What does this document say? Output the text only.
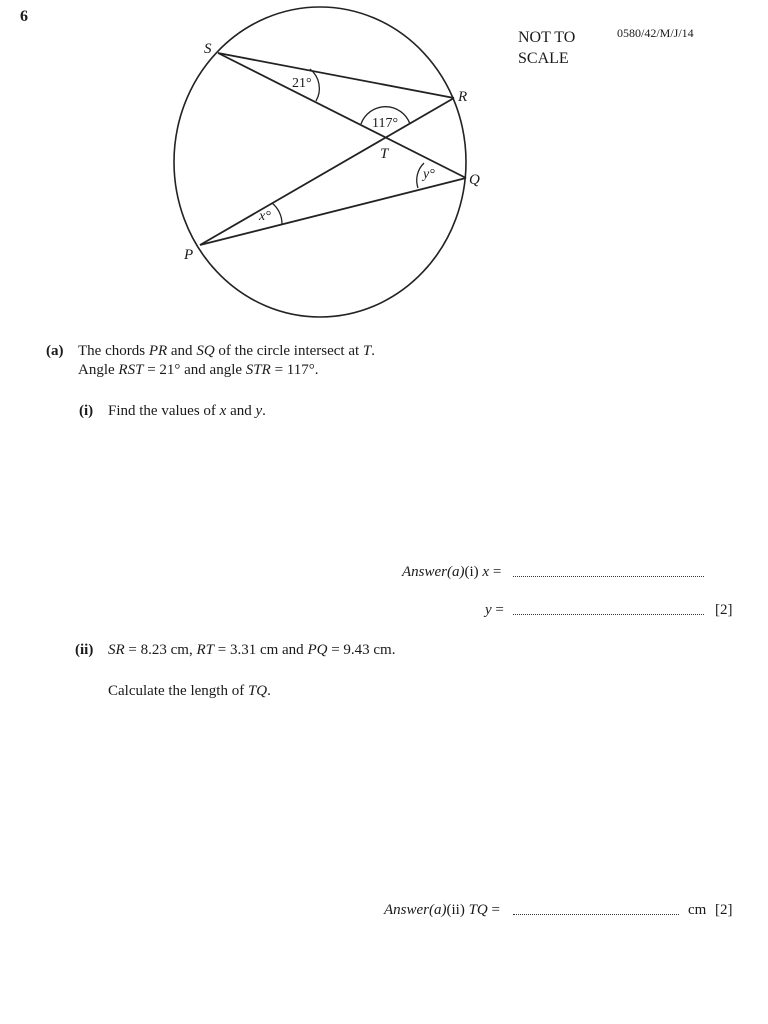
6
S
R
T
Q
P
21°
117°
y°
x°
NOT TO
SCALE
0580/42/M/J/14
(a) The chords PR and SQ of the circle intersect at T.
Angle RST = 21° and angle STR = 117°.
(i) Find the values of x and y.
Answer(a)(i) x =
y =	[2]
(ii) SR = 8.23 cm, RT = 3.31 cm and PQ = 9.43 cm.
Calculate the length of TQ.
Answer(a)(ii) TQ =	cm [2]
